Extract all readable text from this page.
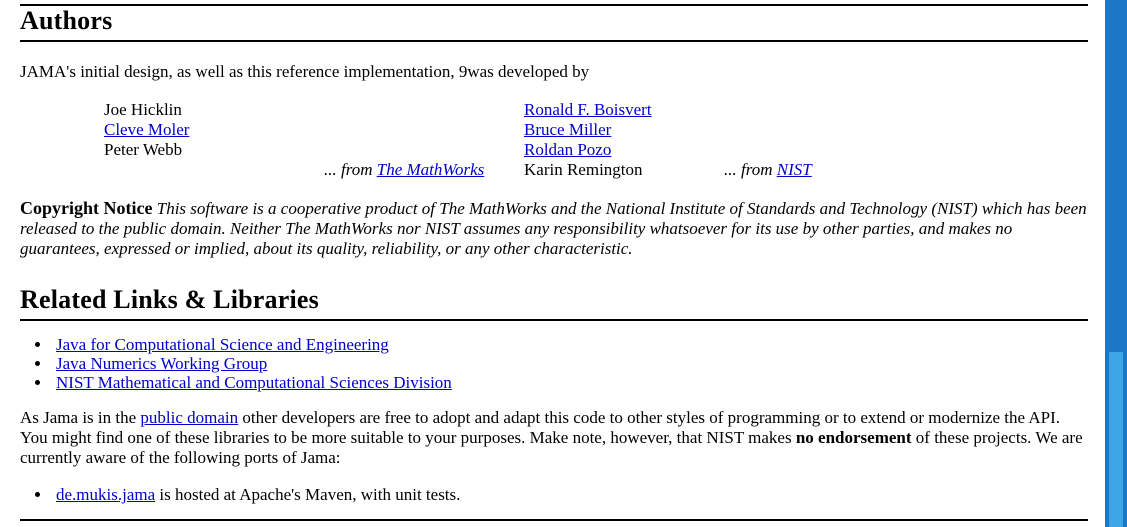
Authors

JAMA's initial design, as well as this reference implementation, 9was developed by

Joe Hicklin		Ronald F. Boisvert	
Cleve Moler		Bruce Miller	
Peter Webb		Roldan Pozo	
	... from The MathWorks	Karin Remington	... from NIST

Copyright Notice This software is a cooperative product of The MathWorks and the National Institute of Standards and Technology (NIST) which has been released to the public domain. Neither The MathWorks nor NIST assumes any responsibility whatsoever for its use by other parties, and makes no guarantees, expressed or implied, about its quality, reliability, or any other characteristic.

Related Links & Libraries
• Java for Computational Science and Engineering
• Java Numerics Working Group
• NIST Mathematical and Computational Sciences Division

As Jama is in the public domain other developers are free to adopt and adapt this code to other styles of programming or to extend or modernize the API. You might find one of these libraries to be more suitable to your purposes. Make note, however, that NIST makes no endorsement of these projects. We are currently aware of the following ports of Jama:

• de.mukis.jama is hosted at Apache's Maven, with unit tests.
